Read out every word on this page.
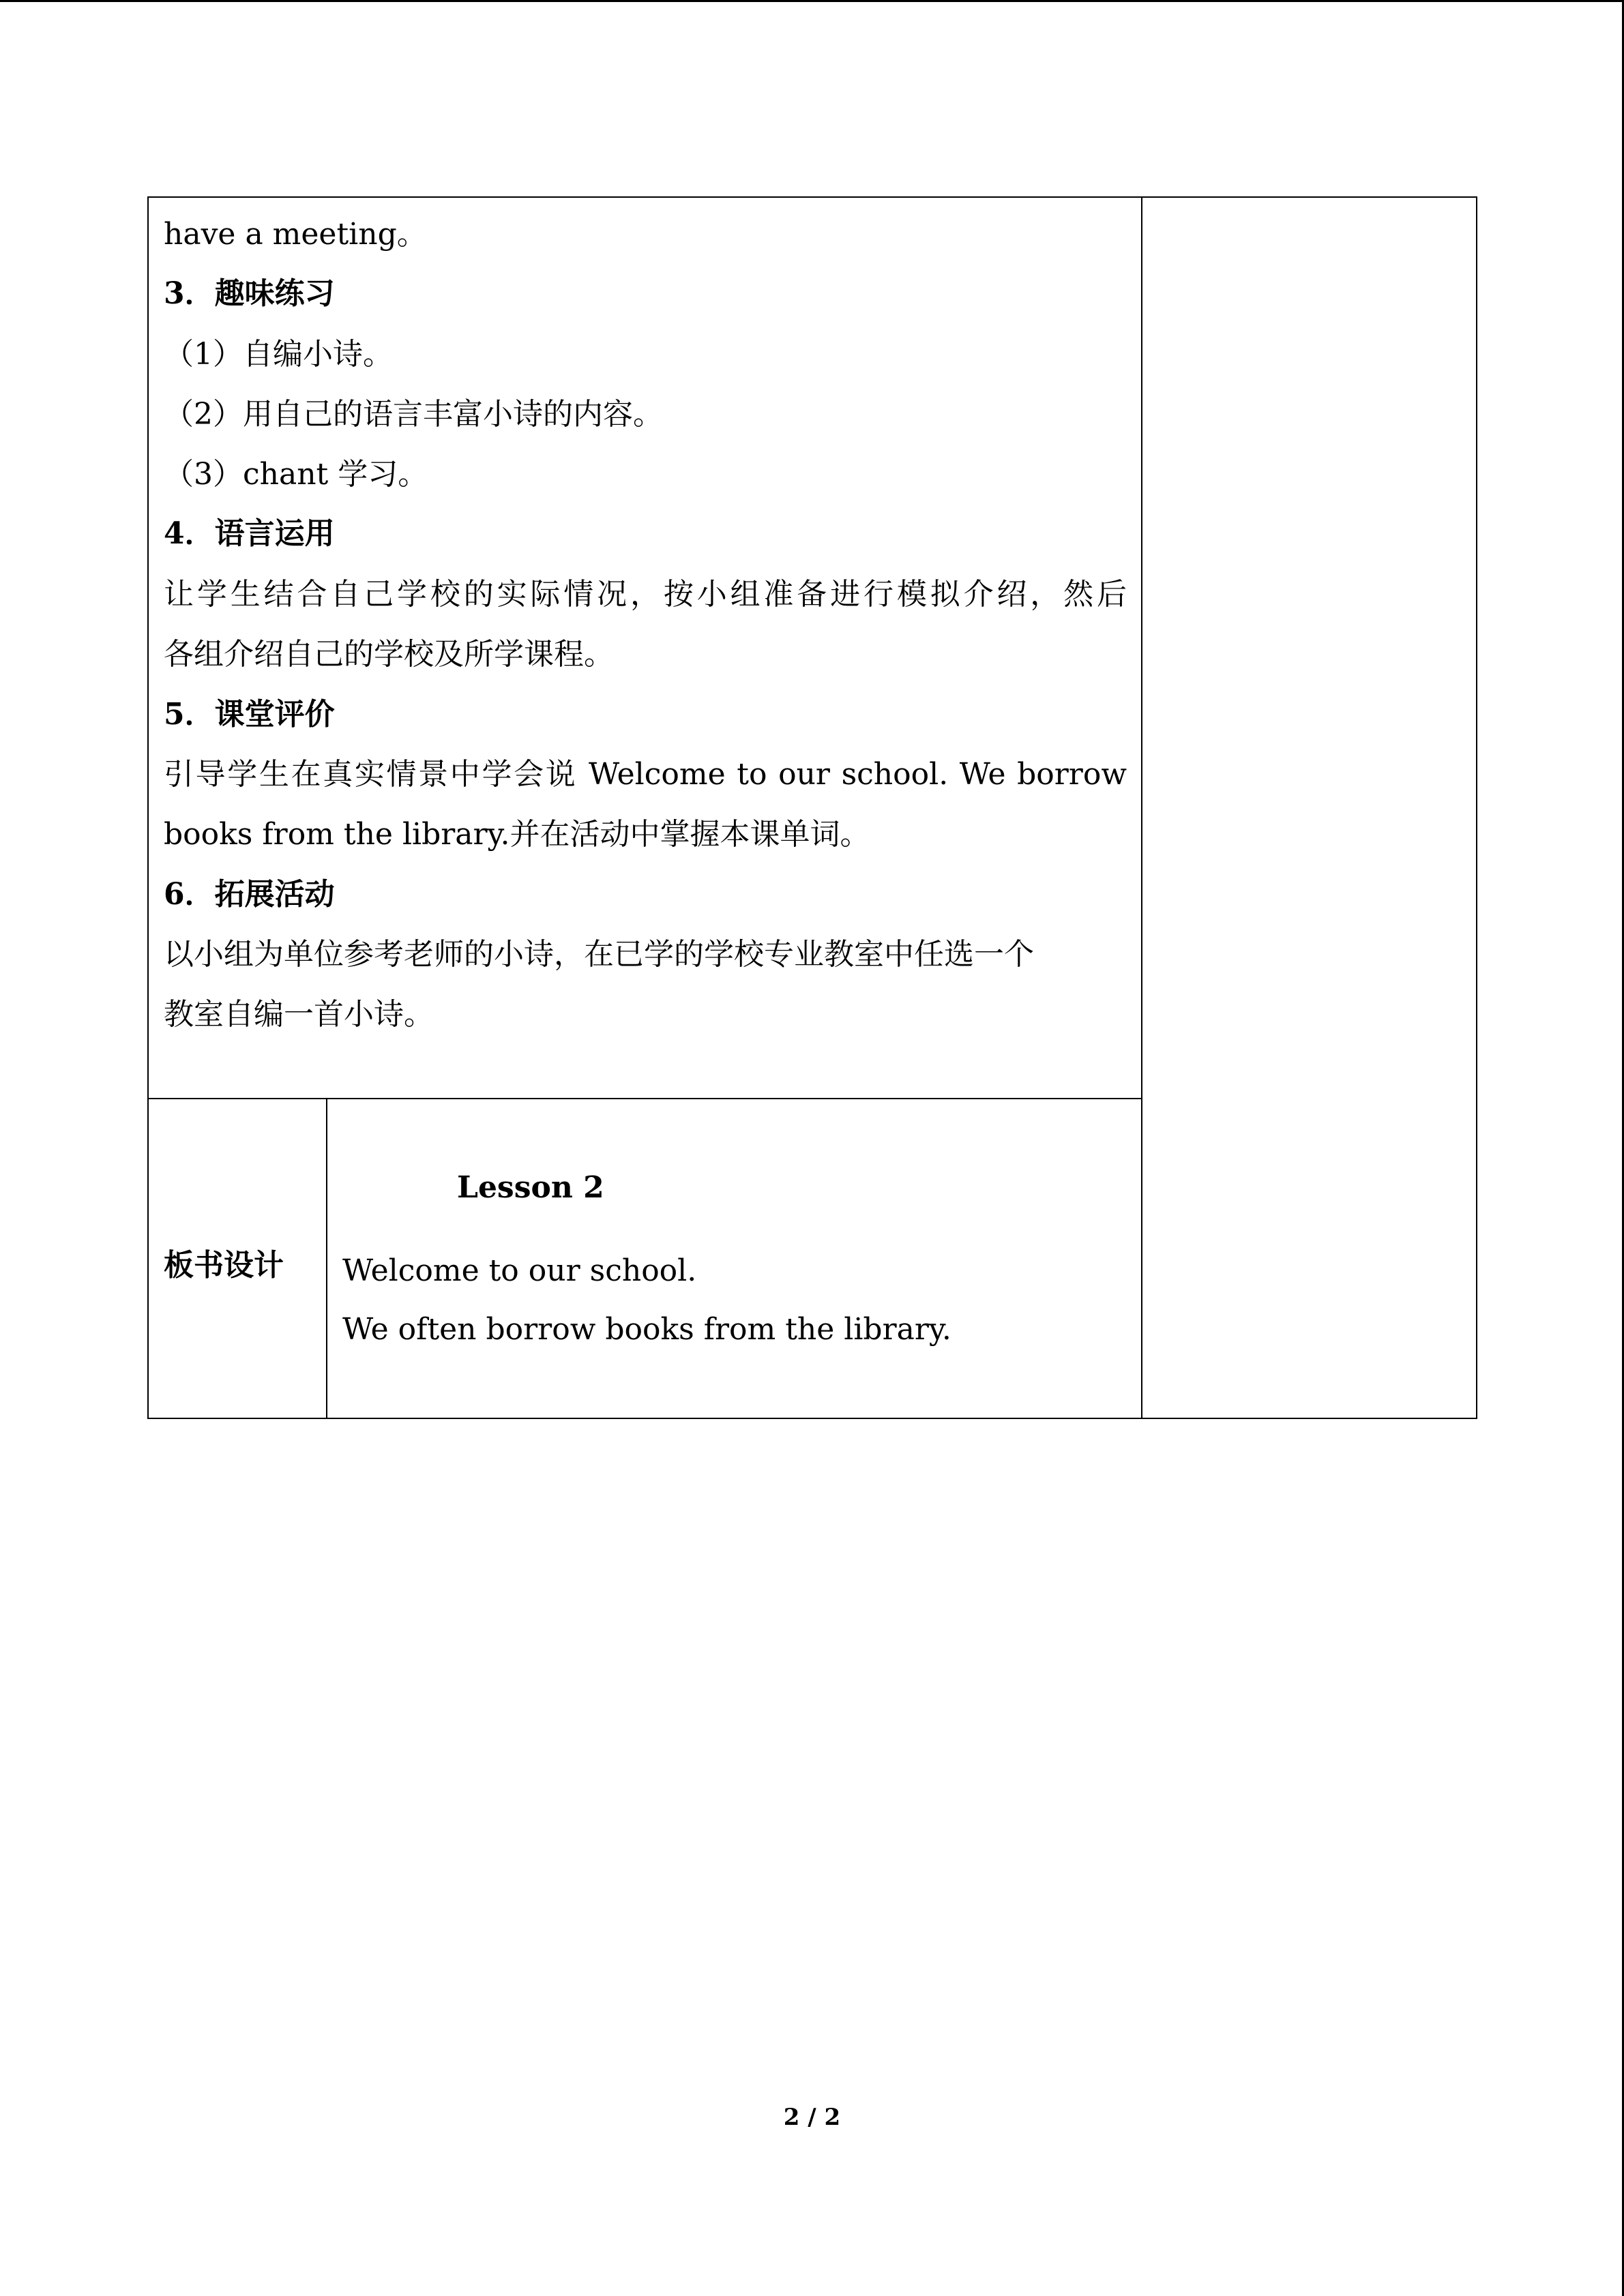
have a meeting。
3．趣味练习
（1）自编小诗。
（2）用自己的语言丰富小诗的内容。
（3）chant 学习。
4．语言运用
让学生结合自己学校的实际情况，按小组准备进行模拟介绍，然后
各组介绍自己的学校及所学课程。
5．课堂评价
引导学生在真实情景中学会说 Welcome to our school. We borrow
books from the library.并在活动中掌握本课单词。
6．拓展活动
以小组为单位参考老师的小诗，在已学的学校专业教室中任选一个
教室自编一首小诗。
板书设计
Lesson 2
Welcome to our school.
We often borrow books from the library.
2 / 2
